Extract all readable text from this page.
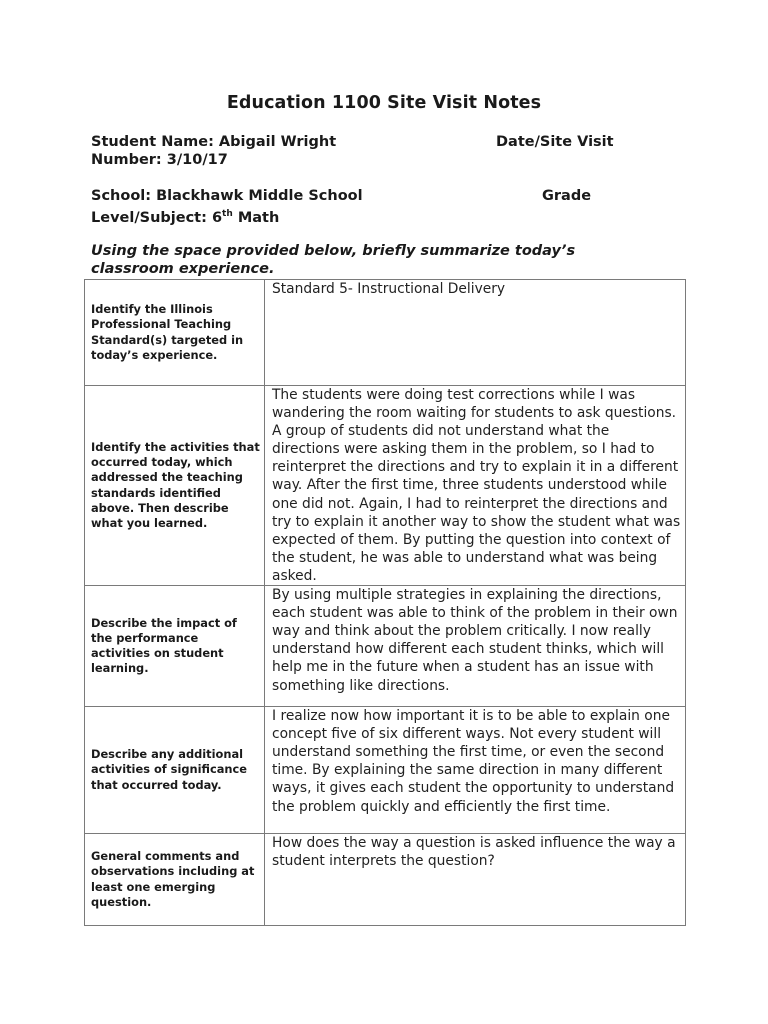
Education 1100 Site Visit Notes
Student Name: Abigail Wright	Date/Site Visit
Number: 3/10/17
School: Blackhawk Middle School	Grade
Level/Subject: 6th Math
Using the space provided below, briefly summarize today’s
classroom experience.
Identify the Illinois Professional Teaching Standard(s) targeted in today’s experience.	Standard 5- Instructional Delivery
Identify the activities that occurred today, which addressed the teaching standards identified above. Then describe what you learned.	The students were doing test corrections while I was wandering the room waiting for students to ask questions. A group of students did not understand what the directions were asking them in the problem, so I had to reinterpret the directions and try to explain it in a different way. After the first time, three students understood while one did not. Again, I had to reinterpret the directions and try to explain it another way to show the student what was expected of them. By putting the question into context of the student, he was able to understand what was being asked.
Describe the impact of the performance activities on student learning.	By using multiple strategies in explaining the directions, each student was able to think of the problem in their own way and think about the problem critically. I now really understand how different each student thinks, which will help me in the future when a student has an issue with something like directions.
Describe any additional activities of significance that occurred today.	I realize now how important it is to be able to explain one concept five of six different ways. Not every student will understand something the first time, or even the second time. By explaining the same direction in many different ways, it gives each student the opportunity to understand the problem quickly and efficiently the first time.
General comments and observations including at least one emerging question.	How does the way a question is asked influence the way a student interprets the question?
